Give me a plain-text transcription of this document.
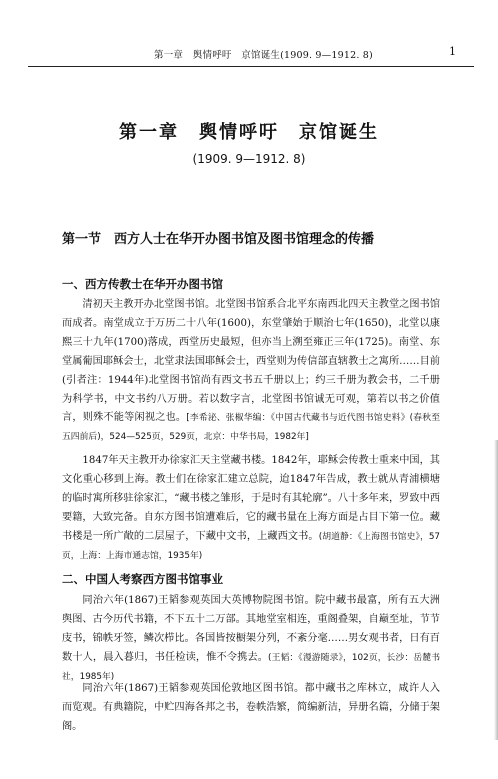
第一章　舆情呼吁　京馆诞生(1909. 9—1912. 8)	1
第一章　舆情呼吁　京馆诞生
(1909. 9—1912. 8)
第一节　西方人士在华开办图书馆及图书馆理念的传播
一、西方传教士在华开办图书馆

清初天主教开办北堂图书馆。北堂图书馆系合北平东南西北四天主教堂之图书馆而成者。南堂成立于万历二十八年(1600)，东堂肇始于顺治七年(1650)，北堂以康熙三十九年(1700)落成，西堂历史最短，但亦当上溯至雍正三年(1725)。南堂、东堂属葡国耶稣会士，北堂隶法国耶稣会士，西堂则为传信部直辖教士之寓所……目前(引者注：1944年)北堂图书馆尚有西文书五千册以上；约三千册为教会书，二千册为科学书，中文书约八万册。若以数字言，北堂图书馆诚无可观，第若以书之价值言，则殊不能等闲视之也。[李希泌、张椒华编：《中国古代藏书与近代图书馆史料》(春秋至五四前后)，524—525页，529页，北京：中华书局，1982年]

1847年天主教开办徐家汇天主堂藏书楼。1842年，耶稣会传教士重来中国，其文化重心移到上海。教士们在徐家汇建立总院，迨1847年告成，教士就从青浦横塘的临时寓所移驻徐家汇，“藏书楼之雏形，于是时有其轮廓”。八十多年来，罗致中西要籍，大致完备。自东方图书馆遭难后，它的藏书量在上海方面是占目下第一位。藏书楼是一所广敞的二层屋子，下藏中文书，上藏西文书。(胡道静：《上海图书馆史》，57页，上海：上海市通志馆，1935年)

二、中国人考察西方图书馆事业

同治六年(1867)王韬参观英国大英博物院图书馆。院中藏书最富，所有五大洲舆图、古今历代书籍，不下五十二万部。其地堂室相连，重阁叠架，自巅至址，节节庋书，锦帙牙签，鳞次栉比。各国皆按橱架分列，不紊分毫……男女观书者，日有百数十人，晨入暮归，书任检读，惟不令携去。(王韬：《漫游随录》，102页，长沙：岳麓书社，1985年)

同治六年(1867)王韬参观英国伦敦地区图书馆。都中藏书之库林立，咸许人入而览观。有典籍院，中贮四海各邦之书，卷帙浩繁，简编新洁，异册名篇，分储于架阁。
